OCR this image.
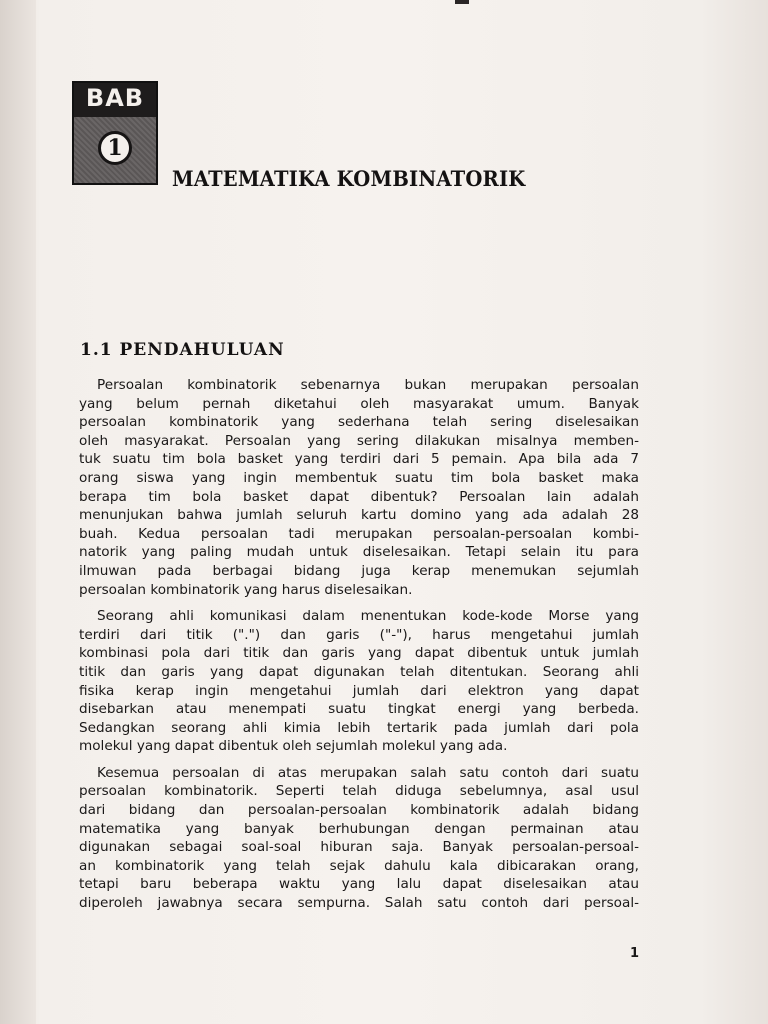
BAB
1
MATEMATIKA KOMBINATORIK
1.1 PENDAHULUAN
Persoalan kombinatorik sebenarnya bukan merupakan persoalan
yang belum pernah diketahui oleh masyarakat umum. Banyak
persoalan kombinatorik yang sederhana telah sering diselesaikan
oleh masyarakat. Persoalan yang sering dilakukan misalnya memben-
tuk suatu tim bola basket yang terdiri dari 5 pemain. Apa bila ada 7
orang siswa yang ingin membentuk suatu tim bola basket maka
berapa tim bola basket dapat dibentuk? Persoalan lain adalah
menunjukan bahwa jumlah seluruh kartu domino yang ada adalah 28
buah. Kedua persoalan tadi merupakan persoalan-persoalan kombi-
natorik yang paling mudah untuk diselesaikan. Tetapi selain itu para
ilmuwan pada berbagai bidang juga kerap menemukan sejumlah
persoalan kombinatorik yang harus diselesaikan.
Seorang ahli komunikasi dalam menentukan kode-kode Morse yang
terdiri dari titik (".") dan garis ("-"), harus mengetahui jumlah
kombinasi pola dari titik dan garis yang dapat dibentuk untuk jumlah
titik dan garis yang dapat digunakan telah ditentukan. Seorang ahli
fisika kerap ingin mengetahui jumlah dari elektron yang dapat
disebarkan atau menempati suatu tingkat energi yang berbeda.
Sedangkan seorang ahli kimia lebih tertarik pada jumlah dari pola
molekul yang dapat dibentuk oleh sejumlah molekul yang ada.
Kesemua persoalan di atas merupakan salah satu contoh dari suatu
persoalan kombinatorik. Seperti telah diduga sebelumnya, asal usul
dari bidang dan persoalan-persoalan kombinatorik adalah bidang
matematika yang banyak berhubungan dengan permainan atau
digunakan sebagai soal-soal hiburan saja. Banyak persoalan-persoal-
an kombinatorik yang telah sejak dahulu kala dibicarakan orang,
tetapi baru beberapa waktu yang lalu dapat diselesaikan atau
diperoleh jawabnya secara sempurna. Salah satu contoh dari persoal-
1
